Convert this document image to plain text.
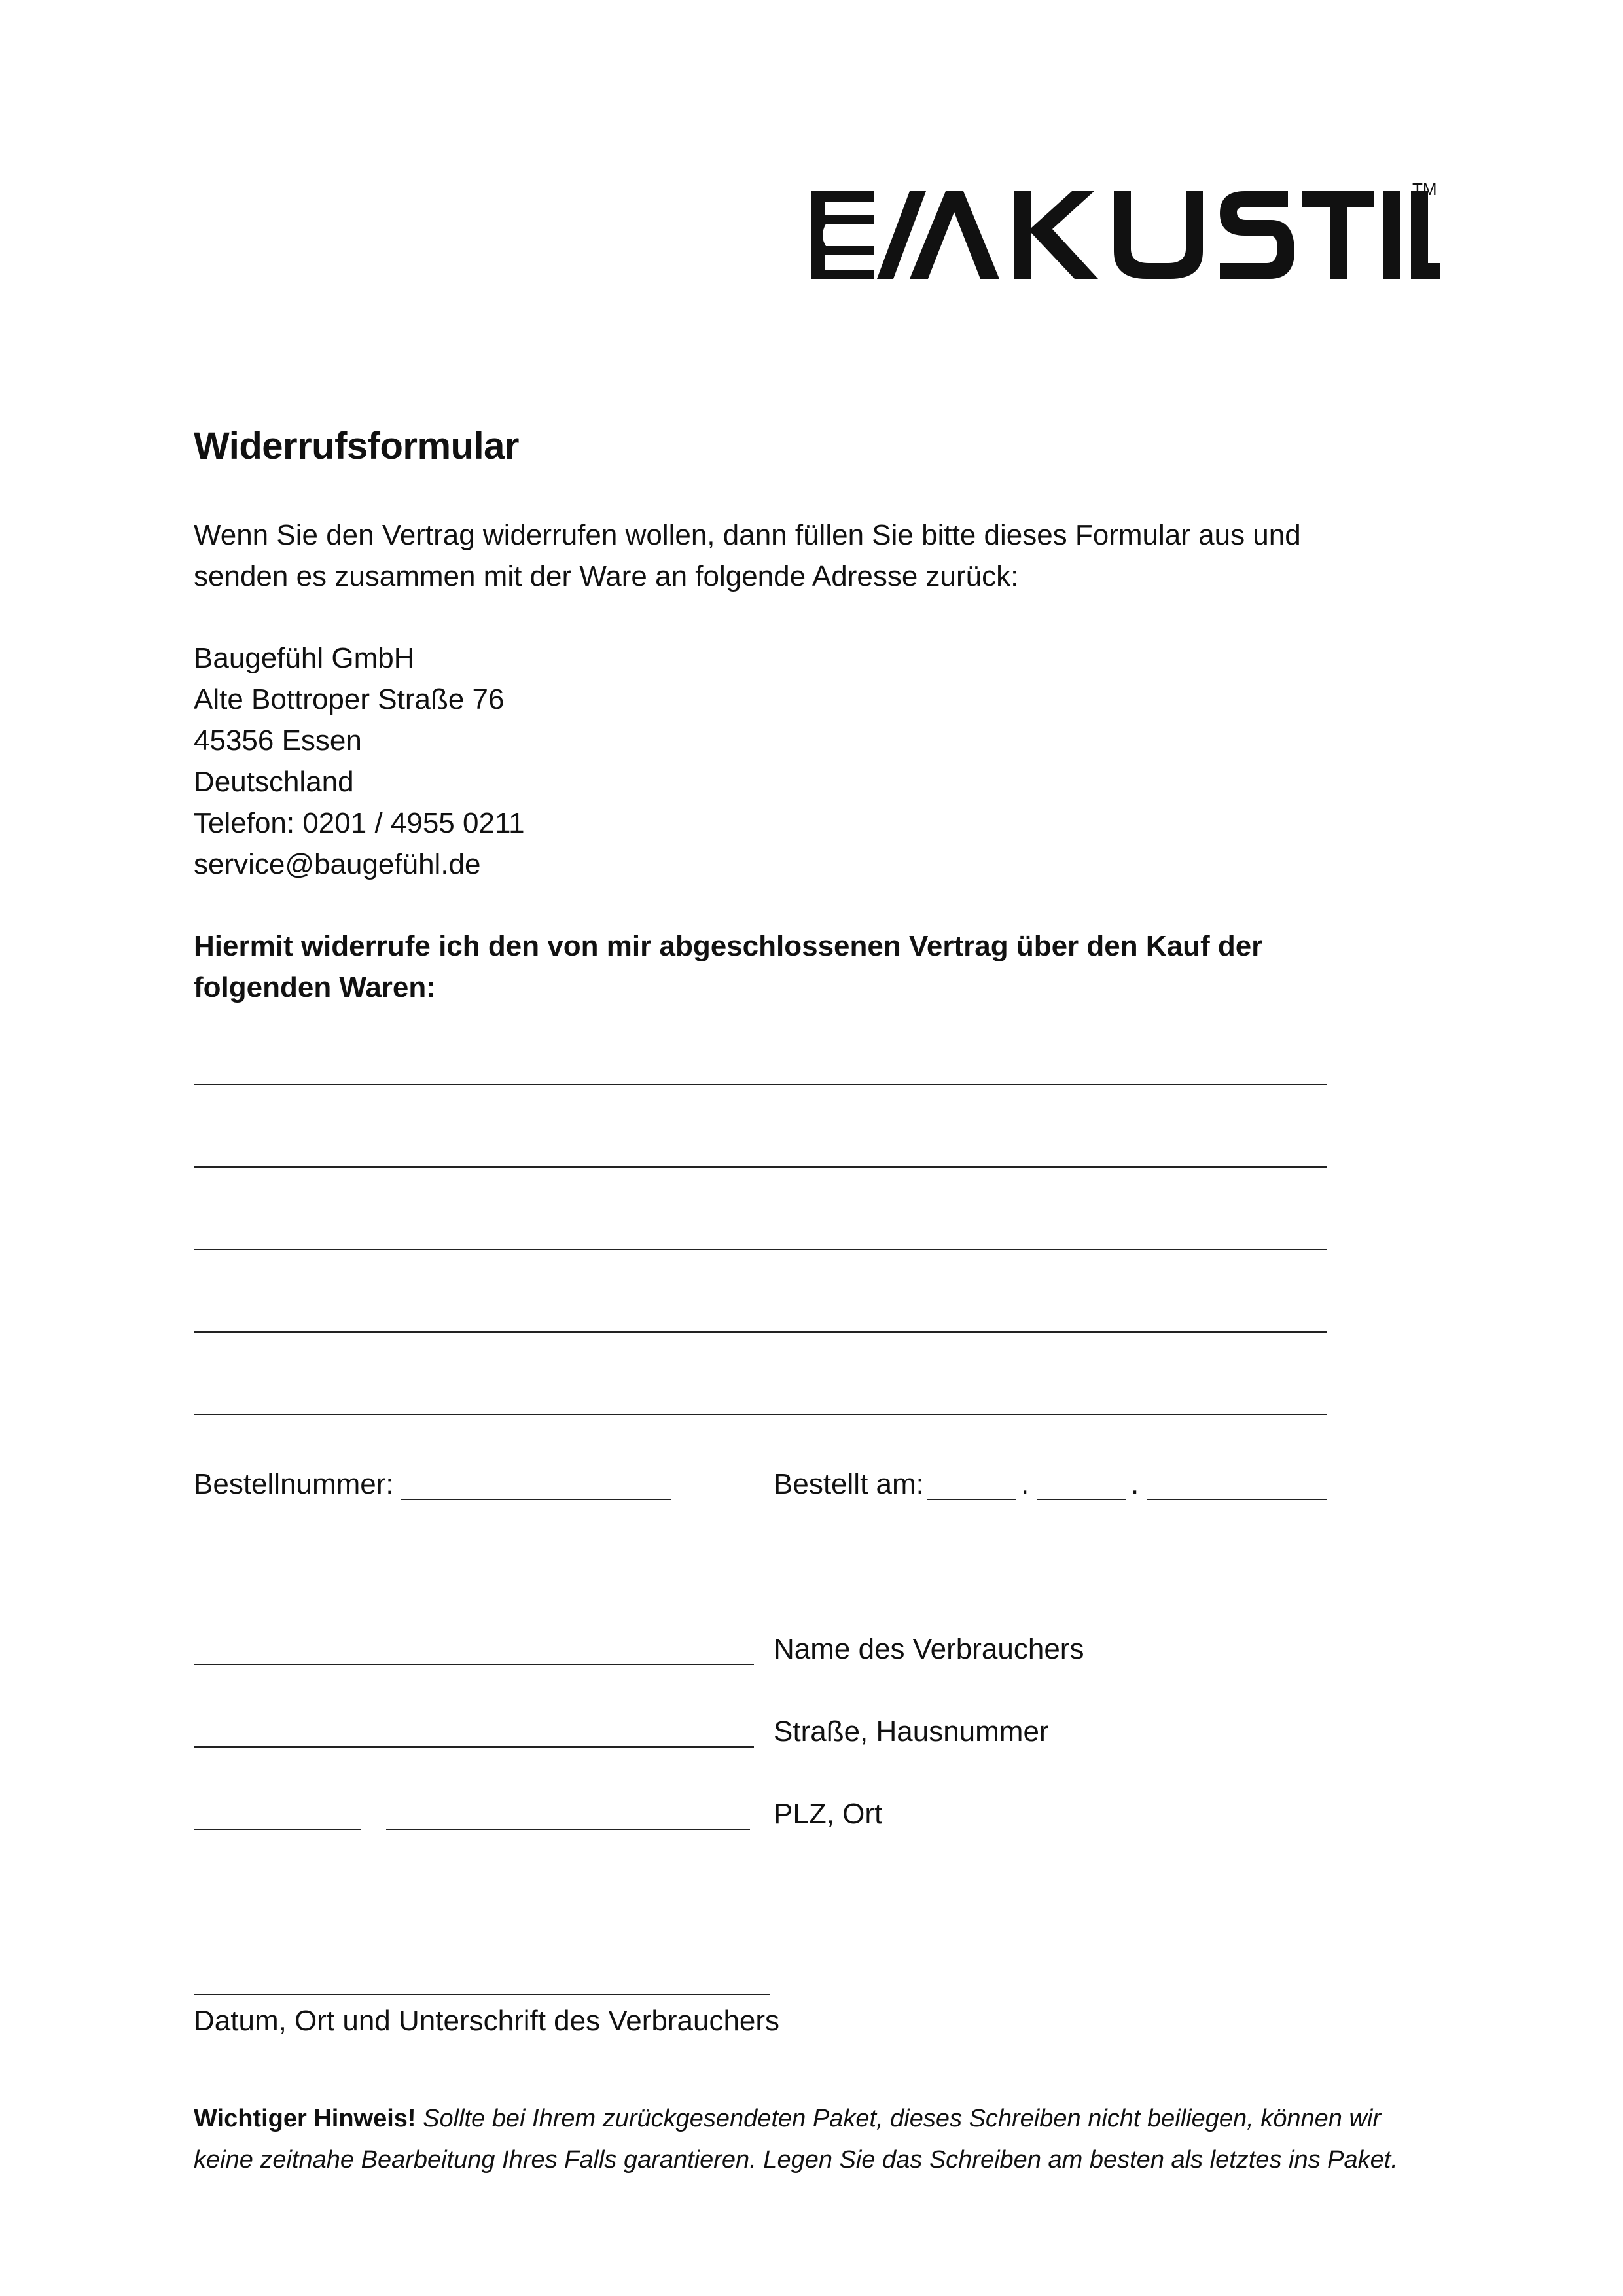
TM
Widerrufsformular
Wenn Sie den Vertrag widerrufen wollen, dann füllen Sie bitte dieses Formular aus und
senden es zusammen mit der Ware an folgende Adresse zurück:
Baugefühl GmbH
Alte Bottroper Straße 76
45356 Essen
Deutschland
Telefon: 0201 / 4955 0211
service@baugefühl.de
Hiermit widerrufe ich den von mir abgeschlossenen Vertrag über den Kauf der
folgenden Waren:
Bestellnummer:	Bestellt am:	.	.
Name des Verbrauchers
Straße, Hausnummer
PLZ, Ort
Datum, Ort und Unterschrift des Verbrauchers
Wichtiger Hinweis! Sollte bei Ihrem zurückgesendeten Paket, dieses Schreiben nicht beiliegen, können wir
keine zeitnahe Bearbeitung Ihres Falls garantieren. Legen Sie das Schreiben am besten als letztes ins Paket.
